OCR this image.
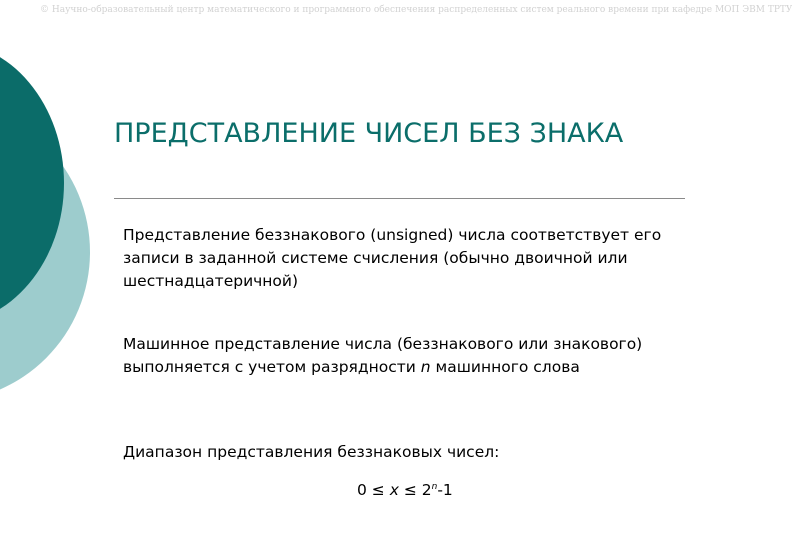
© Научно-образовательный центр математического и программного обеспечения распределенных систем реального времени при кафедре МОП ЭВМ ТРТУ
ПРЕДСТАВЛЕНИЕ ЧИСЕЛ БЕЗ ЗНАКА

Представление беззнакового (unsigned) числа соответствует его записи в заданной системе счисления (обычно двоичной или шестнадцатеричной)

Машинное представление числа (беззнакового или знакового) выполняется с учетом разрядности n машинного слова

Диапазон представления беззнаковых чисел:

$0 \le x \le 2^n-1$
